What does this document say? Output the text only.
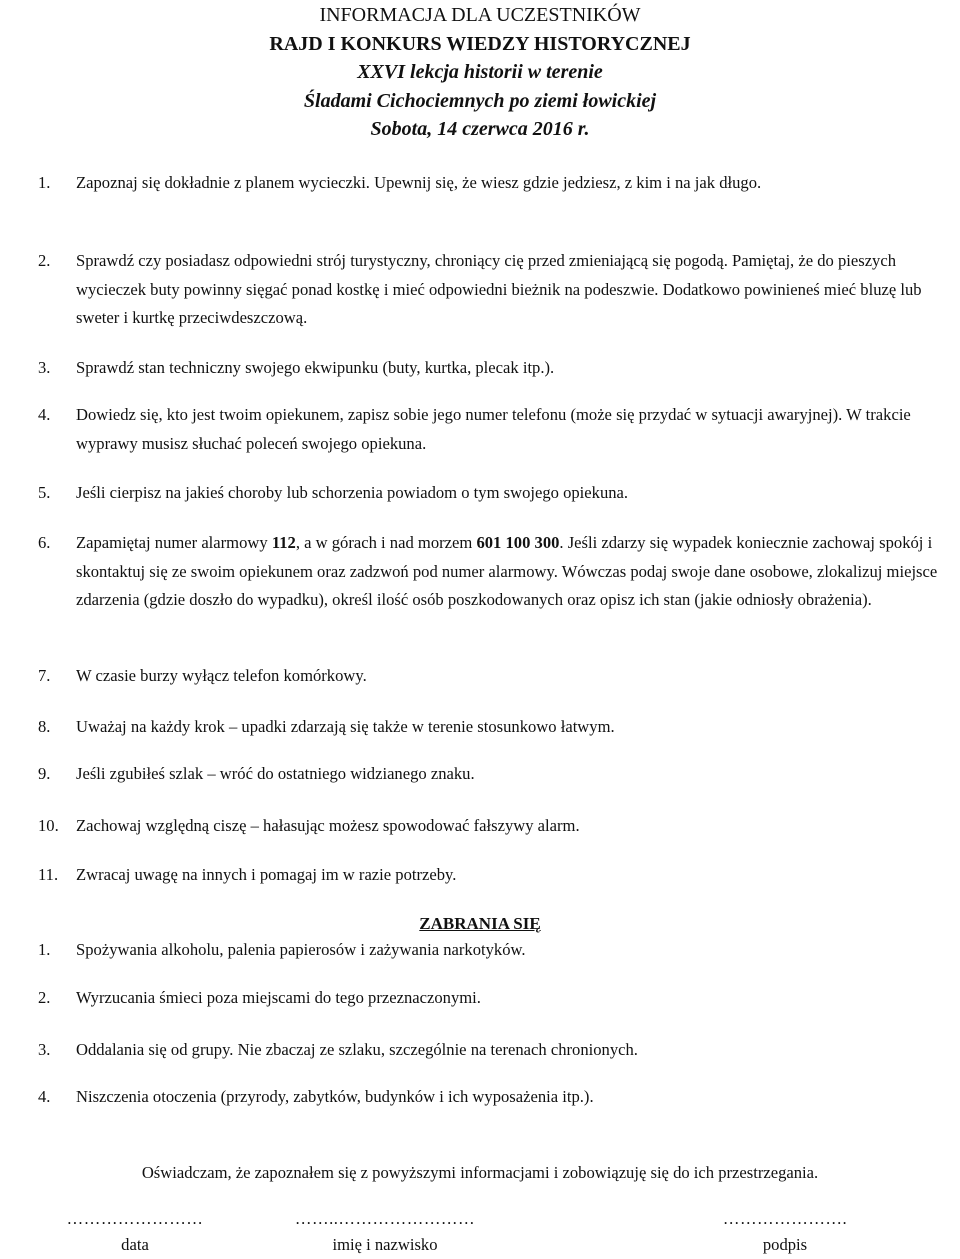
INFORMACJA DLA UCZESTNIKÓW
RAJD I KONKURS WIEDZY HISTORYCZNEJ
XXVI lekcja historii w terenie
Śladami Cichociemnych po ziemi łowickiej
Sobota, 14 czerwca 2016 r.
1. Zapoznaj się dokładnie z planem wycieczki. Upewnij się, że wiesz gdzie jedziesz, z kim i na jak długo.
2. Sprawdź czy posiadasz odpowiedni strój turystyczny, chroniący cię przed zmieniającą się pogodą. Pamiętaj, że do pieszych wycieczek buty powinny sięgać ponad kostkę i mieć odpowiedni bieżnik na podeszwie. Dodatkowo powinieneś mieć bluzę lub sweter i kurtkę przeciwdeszczową.
3. Sprawdź stan techniczny swojego ekwipunku (buty, kurtka, plecak itp.).
4. Dowiedz się, kto jest twoim opiekunem, zapisz sobie jego numer telefonu (może się przydać w sytuacji awaryjnej). W trakcie wyprawy musisz słuchać poleceń swojego opiekuna.
5. Jeśli cierpisz na jakieś choroby lub schorzenia powiadom o tym swojego opiekuna.
6. Zapamiętaj numer alarmowy 112, a w górach i nad morzem 601 100 300. Jeśli zdarzy się wypadek koniecznie zachowaj spokój i skontaktuj się ze swoim opiekunem oraz zadzwoń pod numer alarmowy. Wówczas podaj swoje dane osobowe, zlokalizuj miejsce zdarzenia (gdzie doszło do wypadku), określ ilość osób poszkodowanych oraz opisz ich stan (jakie odniosły obrażenia).
7. W czasie burzy wyłącz telefon komórkowy.
8. Uważaj na każdy krok – upadki zdarzają się także w terenie stosunkowo łatwym.
9. Jeśli zgubiłeś szlak – wróć do ostatniego widzianego znaku.
10. Zachowaj względną ciszę – hałasując możesz spowodować fałszywy alarm.
11. Zwracaj uwagę na innych i pomagaj im w razie potrzeby.
ZABRANIA SIĘ
1. Spożywania alkoholu, palenia papierosów i zażywania narkotyków.
2. Wyrzucania śmieci poza miejscami do tego przeznaczonymi.
3. Oddalania się od grupy. Nie zbaczaj ze szlaku, szczególnie na terenach chronionych.
4. Niszczenia otoczenia (przyrody, zabytków, budynków i ich wyposażenia itp.).
Oświadczam, że zapoznałem się z powyższymi informacjami i zobowiązuję się do ich przestrzegania.
……………………
data
……..……………………
imię i nazwisko
………………….
podpis
